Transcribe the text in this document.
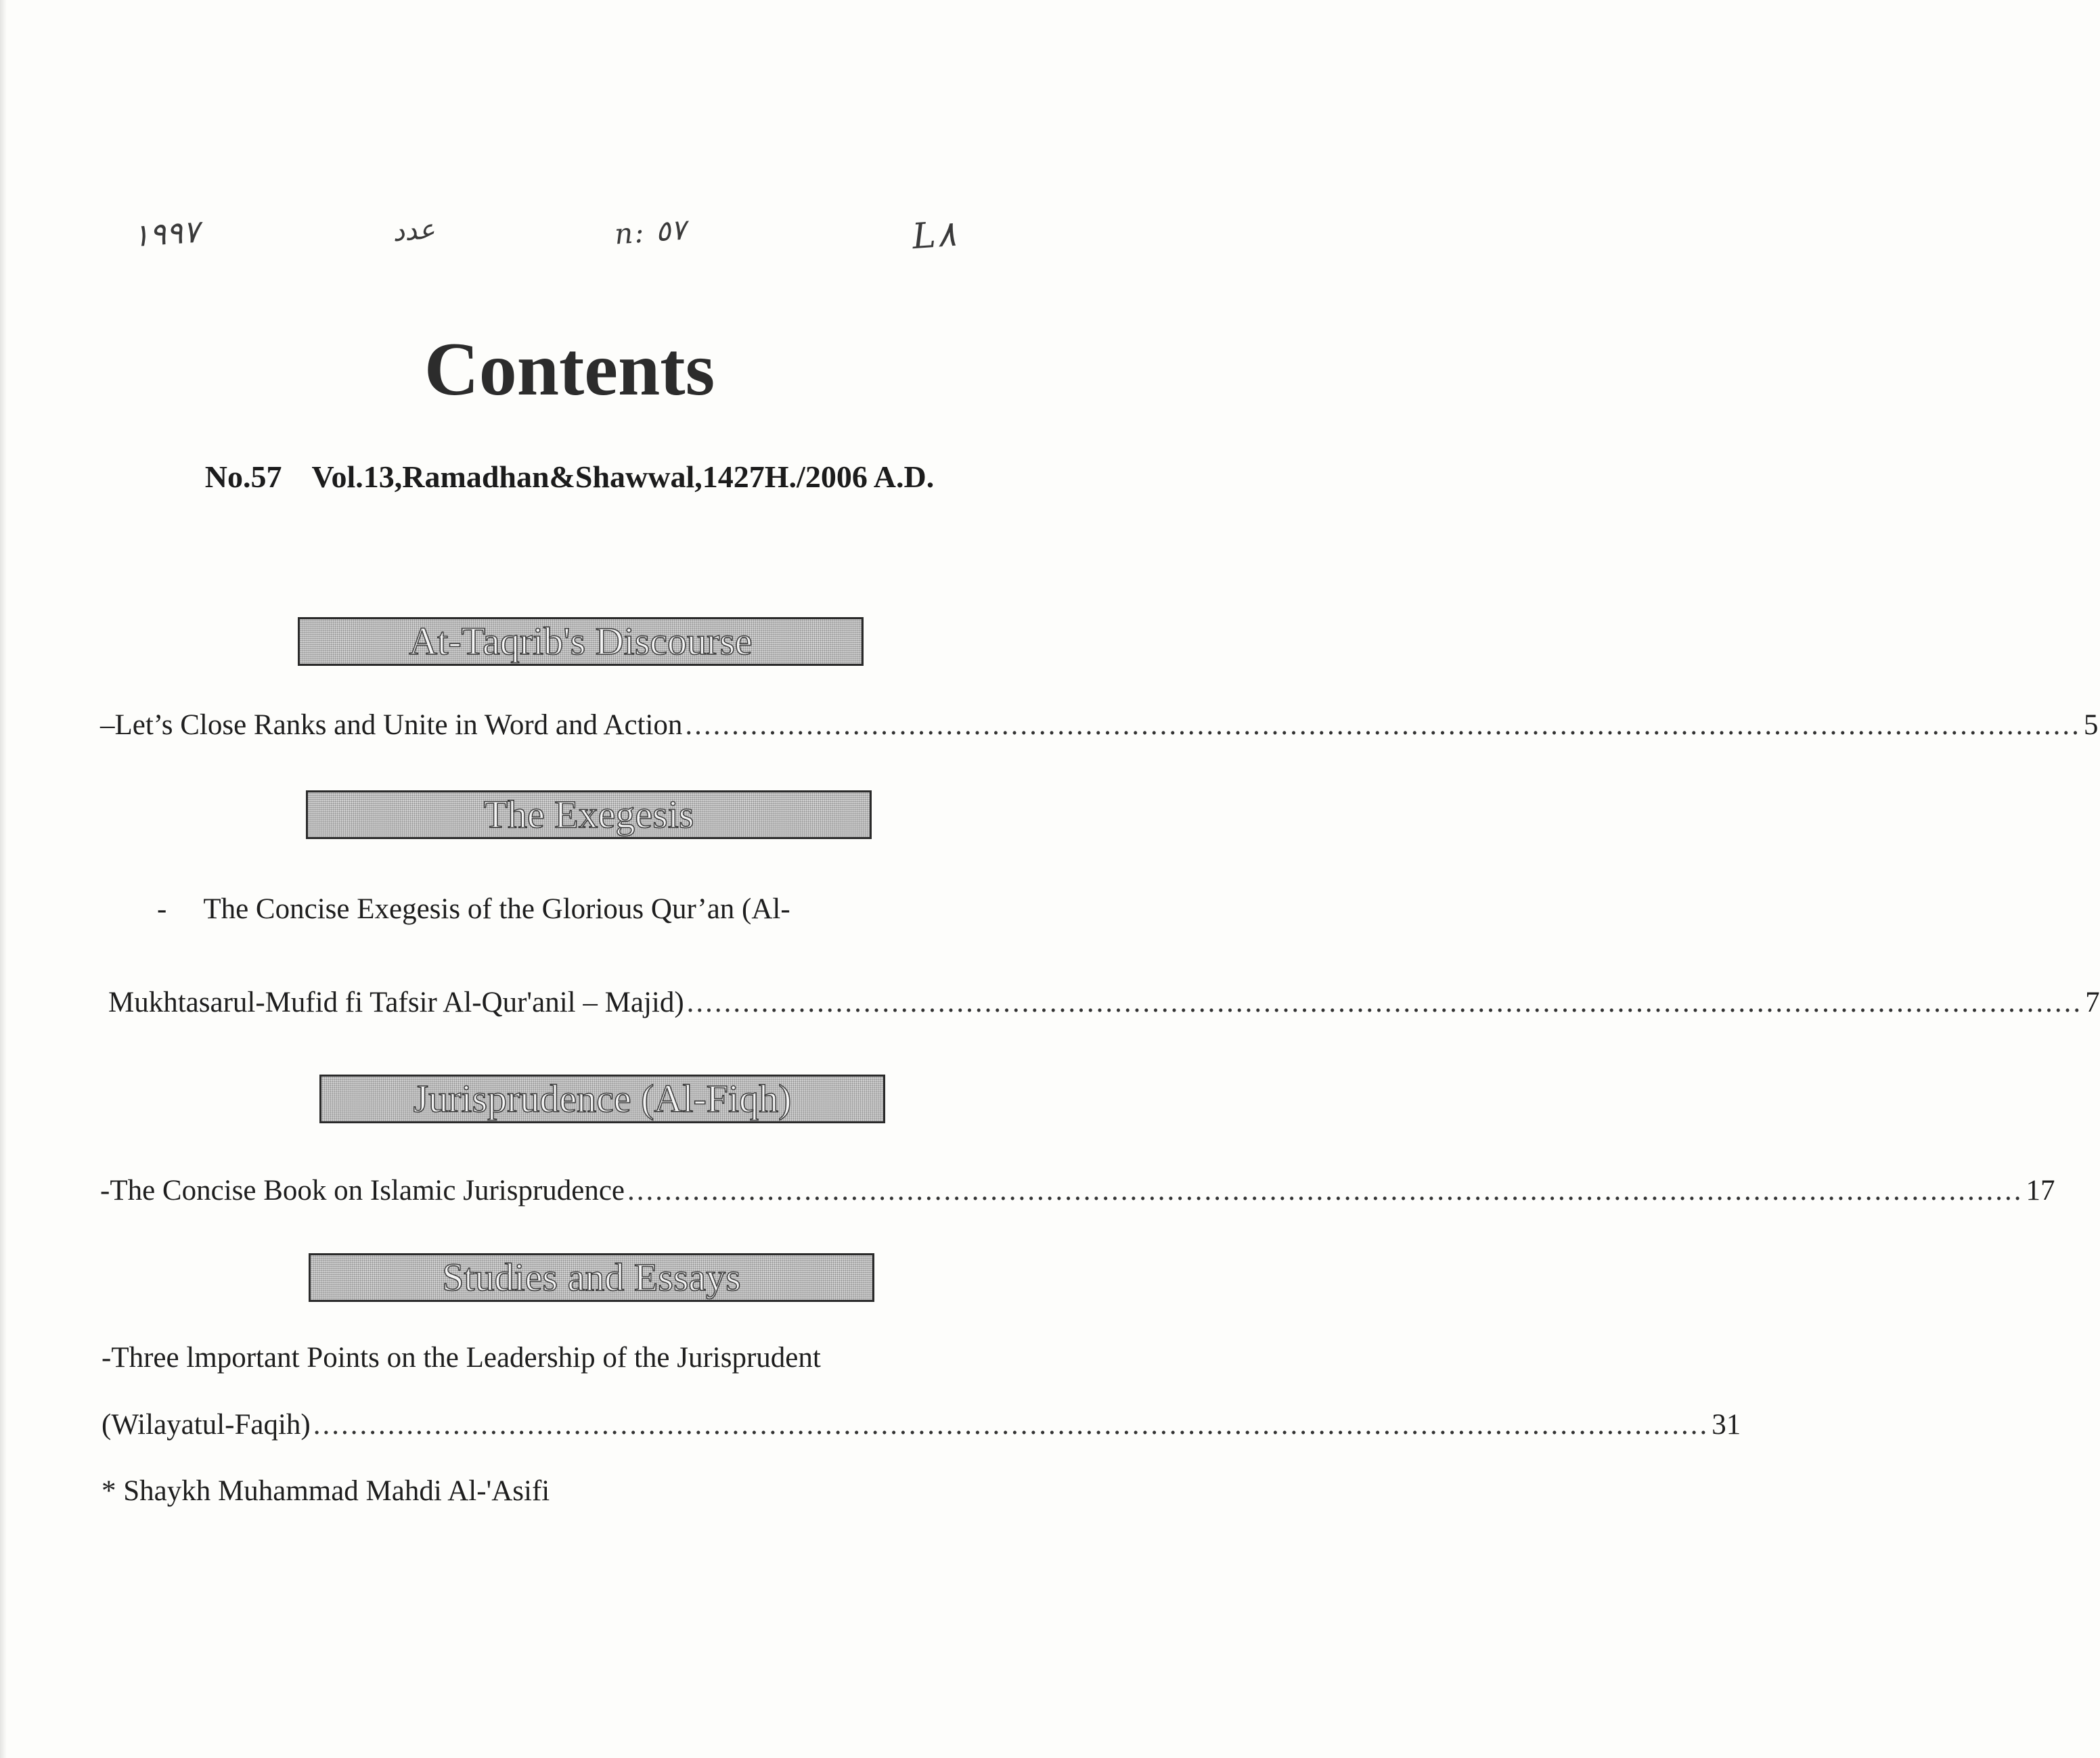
١٩٩٧	عدد	n: ٥٧	L٨
Contents
No.57 Vol.13,Ramadhan&Shawwal,1427H./2006 A.D.
At-Taqrib's Discourse
– Let’s Close Ranks and Unite in Word and Action ...................................................................................................................................................... 5
The Exegesis
- The Concise Exegesis of the Glorious Qur’an (Al-
Mukhtasarul-Mufid fi Tafsir Al-Qur'anil – Majid) ...................................................................................................................................................... 7
Jurisprudence (Al-Fiqh)
- The Concise Book on Islamic Jurisprudence ...................................................................................................................................................... 17
Studies and Essays
- Three lmportant Points on the Leadership of the Jurisprudent
(Wilayatul-Faqih) ...................................................................................................................................................... 31
* Shaykh Muhammad Mahdi Al-'Asifi
